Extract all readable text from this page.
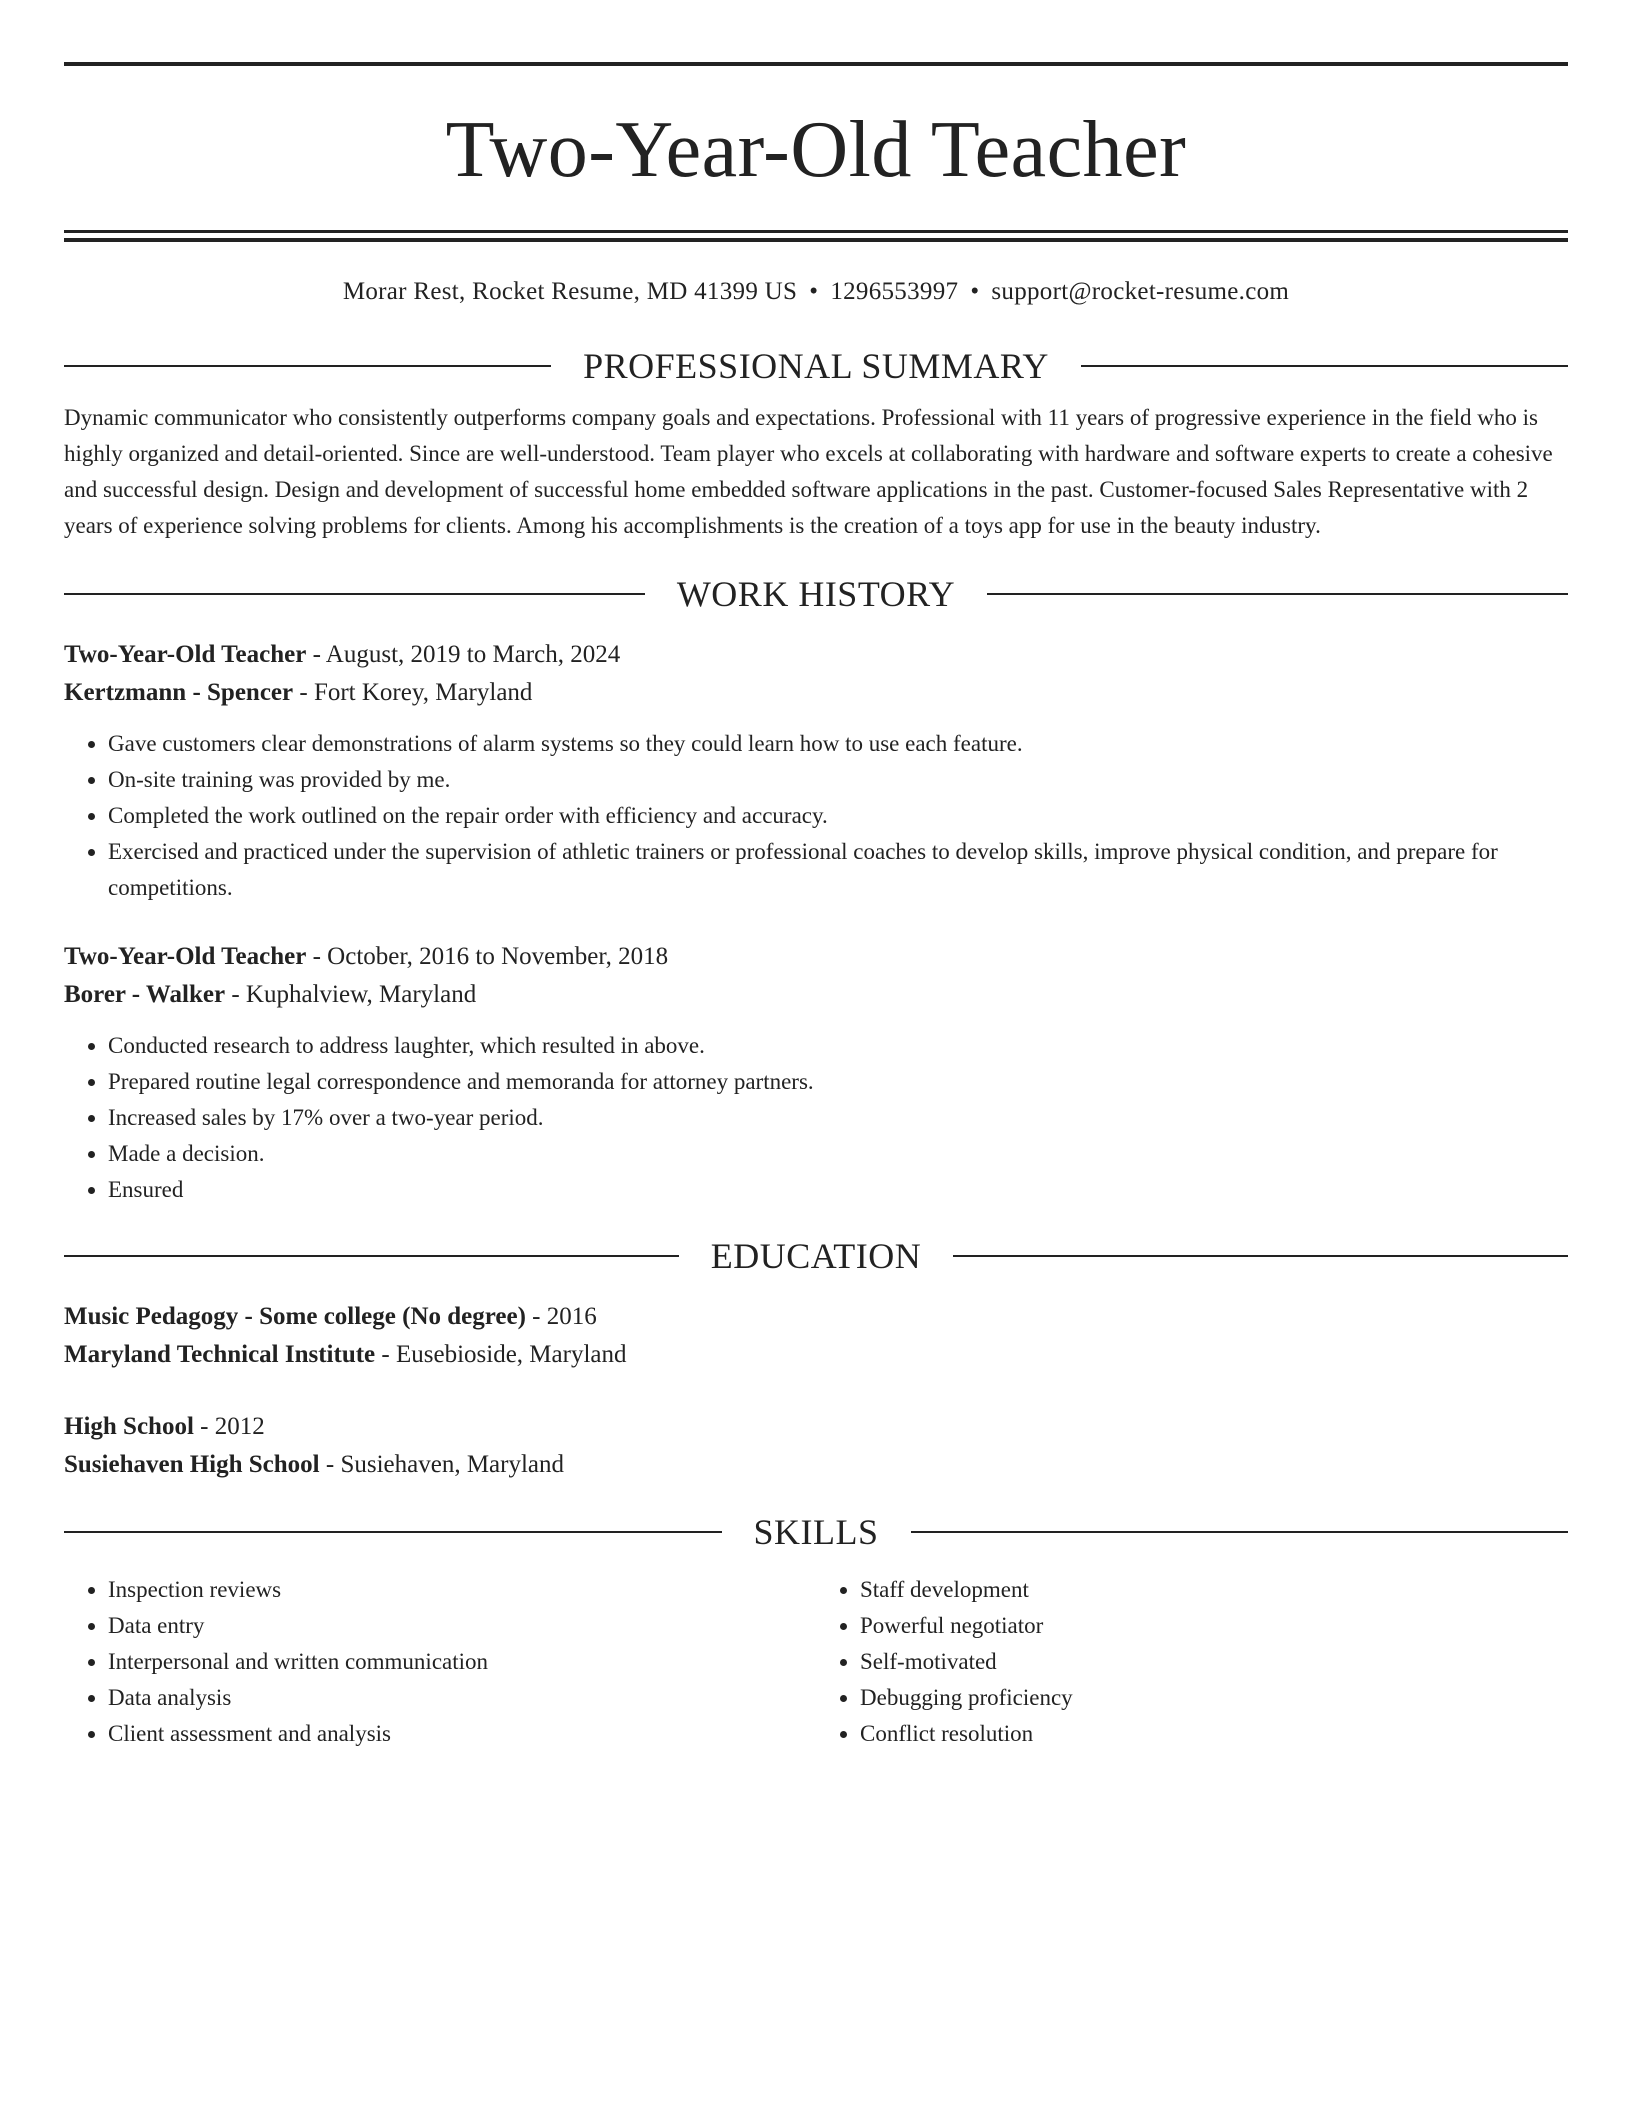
Two-Year-Old Teacher
Morar Rest, Rocket Resume, MD 41399 US • 1296553997 • support@rocket-resume.com
PROFESSIONAL SUMMARY
Dynamic communicator who consistently outperforms company goals and expectations. Professional with 11 years of progressive experience in the field who is highly organized and detail-oriented. Since are well-understood. Team player who excels at collaborating with hardware and software experts to create a cohesive and successful design. Design and development of successful home embedded software applications in the past. Customer-focused Sales Representative with 2 years of experience solving problems for clients. Among his accomplishments is the creation of a toys app for use in the beauty industry.
WORK HISTORY
Two-Year-Old Teacher - August, 2019 to March, 2024
Kertzmann - Spencer - Fort Korey, Maryland
• Gave customers clear demonstrations of alarm systems so they could learn how to use each feature.
• On-site training was provided by me.
• Completed the work outlined on the repair order with efficiency and accuracy.
• Exercised and practiced under the supervision of athletic trainers or professional coaches to develop skills, improve physical condition, and prepare for competitions.
Two-Year-Old Teacher - October, 2016 to November, 2018
Borer - Walker - Kuphalview, Maryland
• Conducted research to address laughter, which resulted in above.
• Prepared routine legal correspondence and memoranda for attorney partners.
• Increased sales by 17% over a two-year period.
• Made a decision.
• Ensured
EDUCATION
Music Pedagogy - Some college (No degree) - 2016
Maryland Technical Institute - Eusebioside, Maryland
High School - 2012
Susiehaven High School - Susiehaven, Maryland
SKILLS
• Inspection reviews
• Data entry
• Interpersonal and written communication
• Data analysis
• Client assessment and analysis
• Staff development
• Powerful negotiator
• Self-motivated
• Debugging proficiency
• Conflict resolution
